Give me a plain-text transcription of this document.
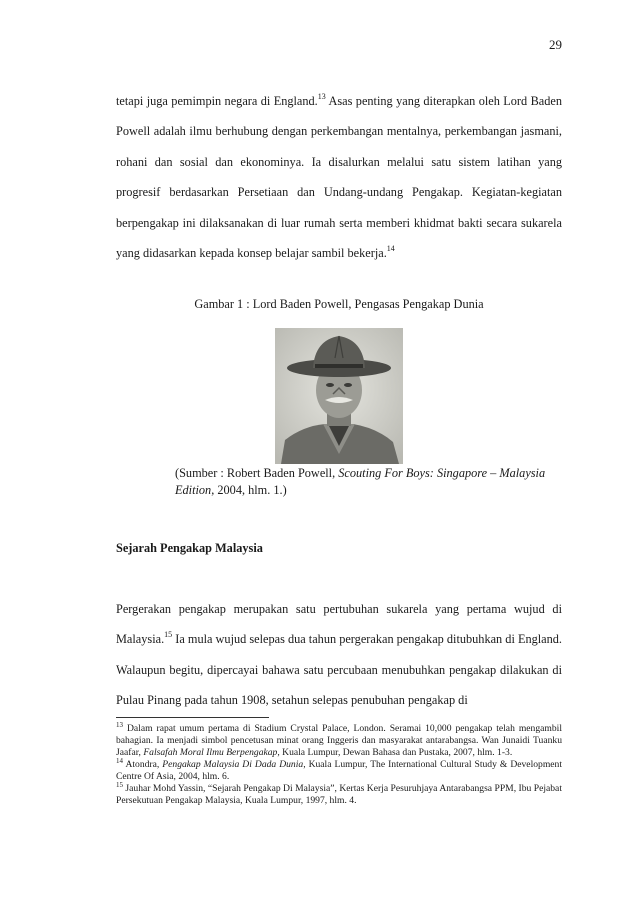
29

tetapi juga pemimpin negara di England.$^{13}$ Asas penting yang diterapkan oleh Lord Baden Powell adalah ilmu berhubung dengan perkembangan mentalnya, perkembangan jasmani, rohani dan sosial dan ekonominya. Ia disalurkan melalui satu sistem latihan yang progresif berdasarkan Persetiaan dan Undang-undang Pengakap. Kegiatan-kegiatan berpengakap ini dilaksanakan di luar rumah serta memberi khidmat bakti secara sukarela yang didasarkan kepada konsep belajar sambil bekerja.$^{14}$

Gambar 1 : Lord Baden Powell, Pengasas Pengakap Dunia
(Sumber : Robert Baden Powell, Scouting For Boys: Singapore – Malaysia Edition, 2004, hlm. 1.)
Sejarah Pengakap Malaysia

Pergerakan pengakap merupakan satu pertubuhan sukarela yang pertama wujud di Malaysia.$^{15}$ Ia mula wujud selepas dua tahun pergerakan pengakap ditubuhkan di England. Walaupun begitu, dipercayai bahawa satu percubaan menubuhkan pengakap dilakukan di Pulau Pinang pada tahun 1908, setahun selepas penubuhan pengakap di

$^{13}$ Dalam rapat umum pertama di Stadium Crystal Palace, London. Seramai 10,000 pengakap telah mengambil bahagian. Ia menjadi simbol pencetusan minat orang Inggeris dan masyarakat antarabangsa. Wan Junaidi Tuanku Jaafar, Falsafah Moral Ilmu Berpengakap, Kuala Lumpur, Dewan Bahasa dan Pustaka, 2007, hlm. 1-3.

$^{14}$ Atondra, Pengakap Malaysia Di Dada Dunia, Kuala Lumpur, The International Cultural Study & Development Centre Of Asia, 2004, hlm. 6.

$^{15}$ Jauhar Mohd Yassin, “Sejarah Pengakap Di Malaysia”, Kertas Kerja Pesuruhjaya Antarabangsa PPM, Ibu Pejabat Persekutuan Pengakap Malaysia, Kuala Lumpur, 1997, hlm. 4.
